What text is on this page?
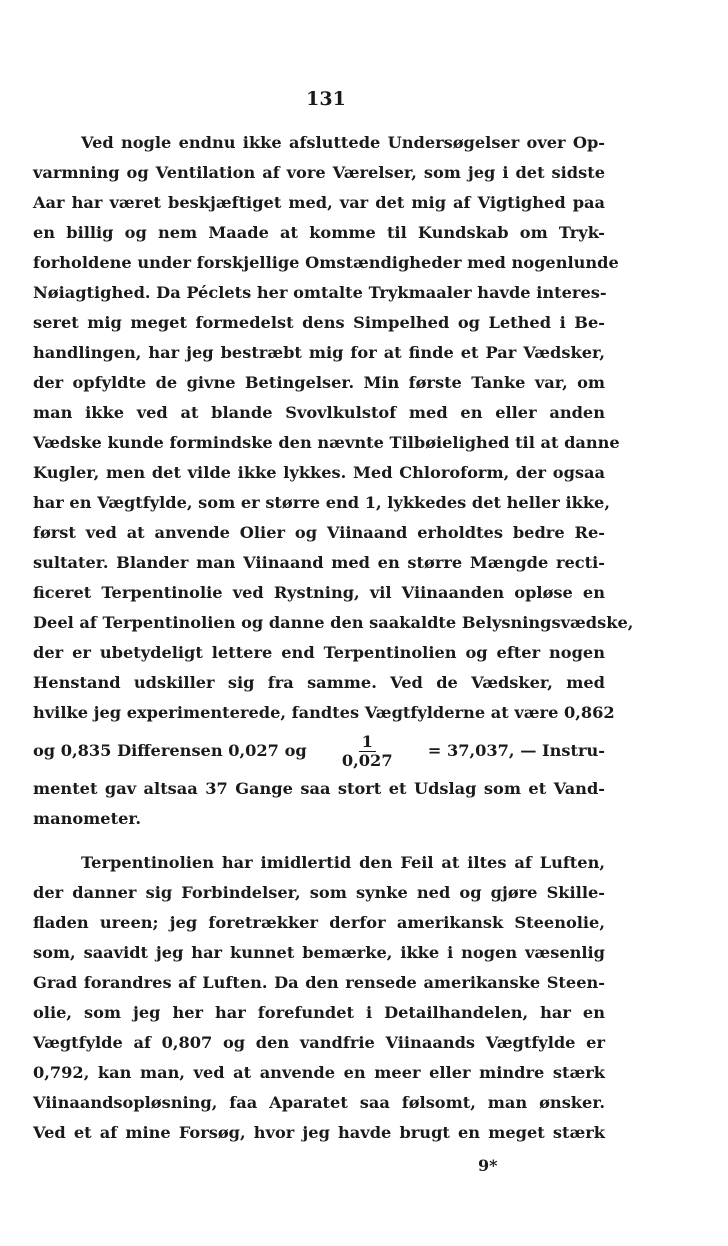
131
Ved nogle endnu ikke afsluttede Undersøgelser over Op-
varmning og Ventilation af vore Værelser, som jeg i det sidste
Aar har været beskjæftiget med, var det mig af Vigtighed paa
en billig og nem Maade at komme til Kundskab om Tryk-
forholdene under forskjellige Omstændigheder med nogenlunde
Nøiagtighed. Da Péclets her omtalte Trykmaaler havde interes-
seret mig meget formedelst dens Simpelhed og Lethed i Be-
handlingen, har jeg bestræbt mig for at finde et Par Vædsker,
der opfyldte de givne Betingelser. Min første Tanke var, om
man ikke ved at blande Svovlkulstof med en eller anden
Vædske kunde formindske den nævnte Tilbøielighed til at danne
Kugler, men det vilde ikke lykkes. Med Chloroform, der ogsaa
har en Vægtfylde, som er større end 1, lykkedes det heller ikke,
først ved at anvende Olier og Viinaand erholdtes bedre Re-
sultater. Blander man Viinaand med en større Mængde recti-
ficeret Terpentinolie ved Rystning, vil Viinaanden opløse en
Deel af Terpentinolien og danne den saakaldte Belysningsvædske,
der er ubetydeligt lettere end Terpentinolien og efter nogen
Henstand udskiller sig fra samme. Ved de Vædsker, med
hvilke jeg experimenterede, fandtes Vægtfylderne at være 0,862
og 0,835 Differensen 0,027 og $\frac{1}{0,027} = 37,037$, — Instru-
mentet gav altsaa 37 Gange saa stort et Udslag som et Vand-
manometer.
Terpentinolien har imidlertid den Feil at iltes af Luften,
der danner sig Forbindelser, som synke ned og gjøre Skille-
fladen ureen; jeg foretrækker derfor amerikansk Steenolie,
som, saavidt jeg har kunnet bemærke, ikke i nogen væsenlig
Grad forandres af Luften. Da den rensede amerikanske Steen-
olie, som jeg her har forefundet i Detailhandelen, har en
Vægtfylde af 0,807 og den vandfrie Viinaands Vægtfylde er
0,792, kan man, ved at anvende en meer eller mindre stærk
Viinaandsopløsning, faa Aparatet saa følsomt, man ønsker.
Ved et af mine Forsøg, hvor jeg havde brugt en meget stærk
9*
